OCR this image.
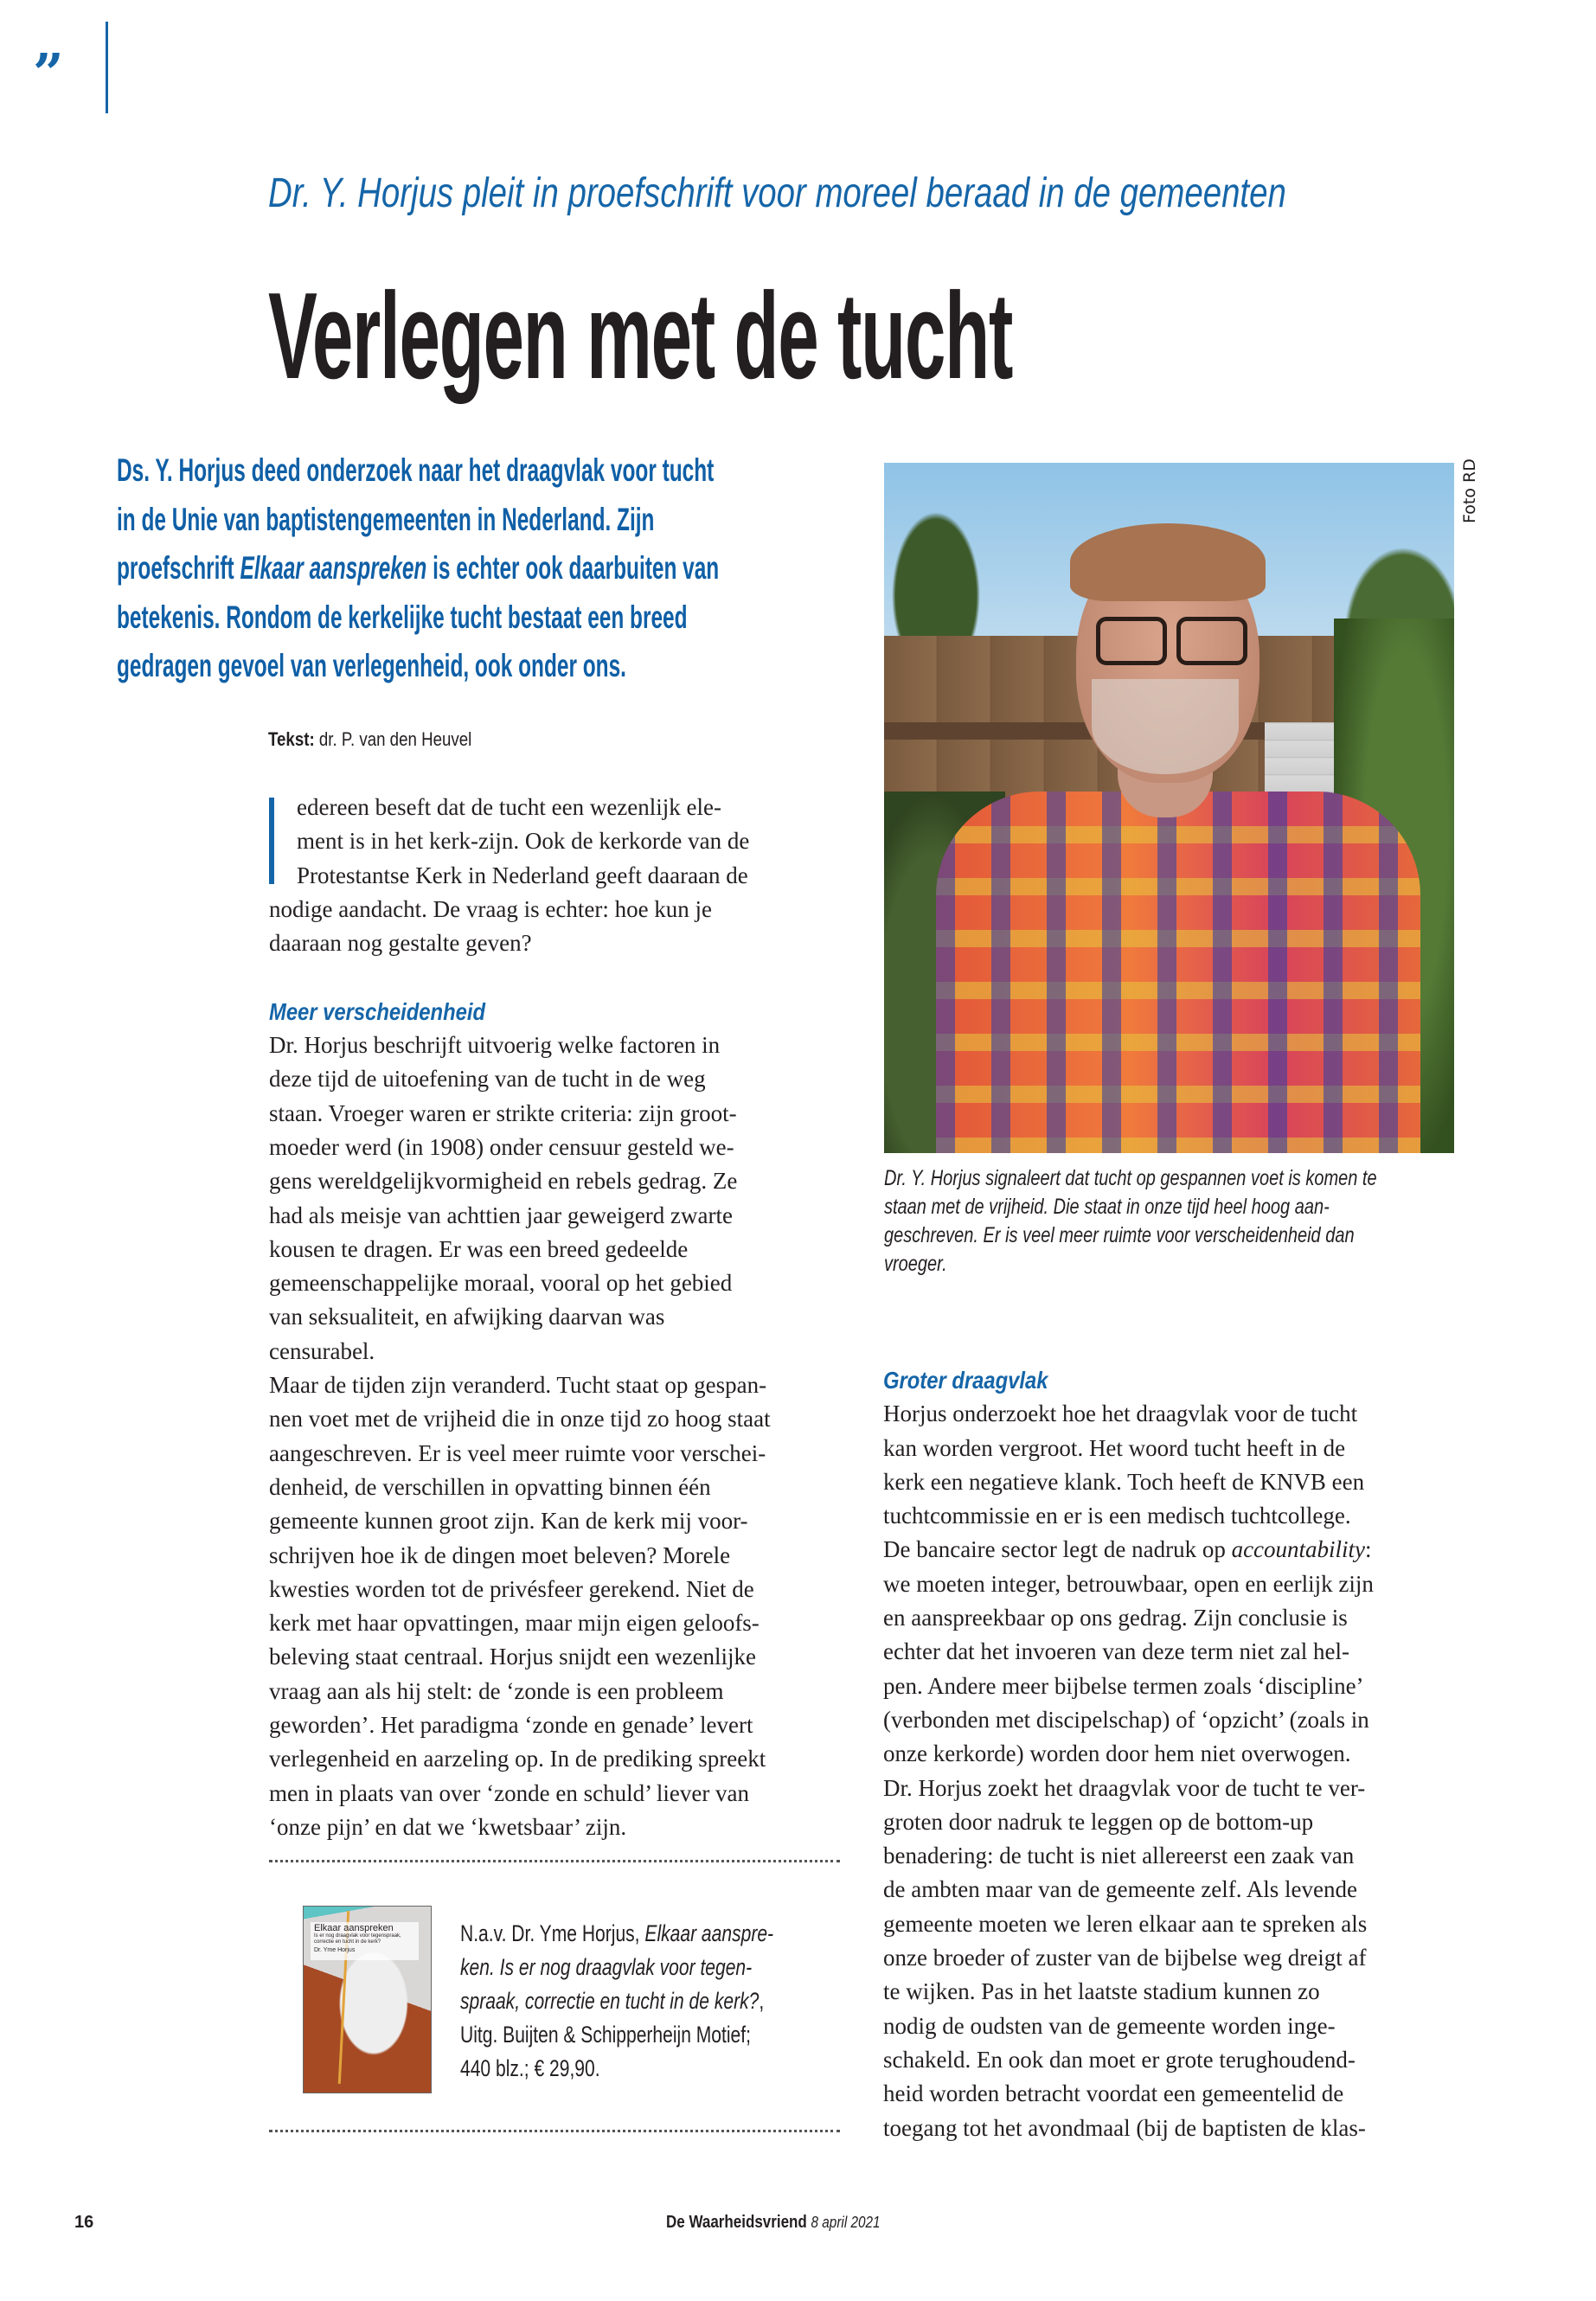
”
Dr. Y. Horjus pleit in proefschrift voor moreel beraad in de gemeenten
Verlegen met de tucht
Ds. Y. Horjus deed onderzoek naar het draagvlak voor tucht
in de Unie van baptistengemeenten in Nederland. Zijn
proefschrift Elkaar aanspreken is echter ook daarbuiten van
betekenis. Rondom de kerkelijke tucht bestaat een breed
gedragen gevoel van verlegenheid, ook onder ons.
Tekst: dr. P. van den Heuvel
edereen beseft dat de tucht een wezenlijk ele-
ment is in het kerk-zijn. Ook de kerkorde van de
Protestantse Kerk in Nederland geeft daaraan de
nodige aandacht. De vraag is echter: hoe kun je
daaraan nog gestalte geven?
Meer verscheidenheid
Dr. Horjus beschrijft uitvoerig welke factoren in
deze tijd de uitoefening van de tucht in de weg
staan. Vroeger waren er strikte criteria: zijn groot-
moeder werd (in 1908) onder censuur gesteld we-
gens wereldgelijkvormigheid en rebels gedrag. Ze
had als meisje van achttien jaar geweigerd zwarte
kousen te dragen. Er was een breed gedeelde
gemeenschappelijke moraal, vooral op het gebied
van seksualiteit, en afwijking daarvan was
censurabel.
Maar de tijden zijn veranderd. Tucht staat op gespan-
nen voet met de vrijheid die in onze tijd zo hoog staat
aangeschreven. Er is veel meer ruimte voor verschei-
denheid, de verschillen in opvatting binnen één
gemeente kunnen groot zijn. Kan de kerk mij voor-
schrijven hoe ik de dingen moet beleven? Morele
kwesties worden tot de privésfeer gerekend. Niet de
kerk met haar opvattingen, maar mijn eigen geloofs-
beleving staat centraal. Horjus snijdt een wezenlijke
vraag aan als hij stelt: de ‘zonde is een probleem
geworden’. Het paradigma ‘zonde en genade’ levert
verlegenheid en aarzeling op. In de prediking spreekt
men in plaats van over ‘zonde en schuld’ liever van
‘onze pijn’ en dat we ‘kwetsbaar’ zijn.
Elkaar aanspreken
Is er nog draagvlak voor tegenspraak, correctie en tucht in de kerk?
Dr. Yme Horjus
N.a.v. Dr. Yme Horjus, Elkaar aanspre-
ken. Is er nog draagvlak voor tegen-
spraak, correctie en tucht in de kerk?,
Uitg. Buijten & Schipperheijn Motief;
440 blz.; € 29,90.
Foto RD
Dr. Y. Horjus signaleert dat tucht op gespannen voet is komen te
staan met de vrijheid. Die staat in onze tijd heel hoog aan-
geschreven. Er is veel meer ruimte voor verscheidenheid dan
vroeger.
Groter draagvlak
Horjus onderzoekt hoe het draagvlak voor de tucht
kan worden vergroot. Het woord tucht heeft in de
kerk een negatieve klank. Toch heeft de KNVB een
tuchtcommissie en er is een medisch tuchtcollege.
De bancaire sector legt de nadruk op accountability:
we moeten integer, betrouwbaar, open en eerlijk zijn
en aanspreekbaar op ons gedrag. Zijn conclusie is
echter dat het invoeren van deze term niet zal hel-
pen. Andere meer bijbelse termen zoals ‘discipline’
(verbonden met discipelschap) of ‘opzicht’ (zoals in
onze kerkorde) worden door hem niet overwogen.
Dr. Horjus zoekt het draagvlak voor de tucht te ver-
groten door nadruk te leggen op de bottom-up
benadering: de tucht is niet allereerst een zaak van
de ambten maar van de gemeente zelf. Als levende
gemeente moeten we leren elkaar aan te spreken als
onze broeder of zuster van de bijbelse weg dreigt af
te wijken. Pas in het laatste stadium kunnen zo
nodig de oudsten van de gemeente worden inge-
schakeld. En ook dan moet er grote terughoudend-
heid worden betracht voordat een gemeentelid de
toegang tot het avondmaal (bij de baptisten de klas-
16	De Waarheidsvriend 8 april 2021
